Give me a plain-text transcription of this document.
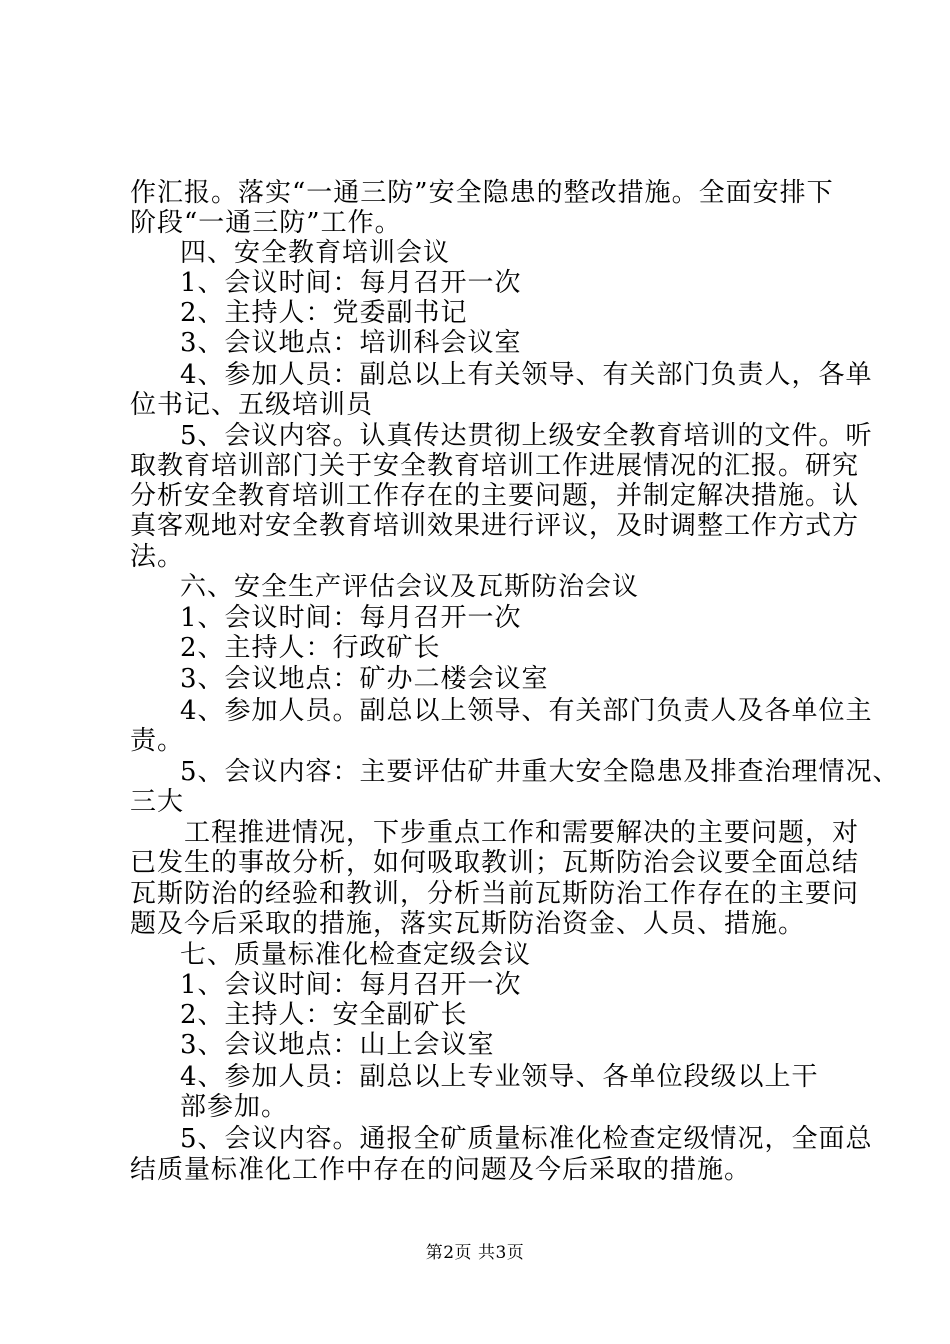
作汇报。落实“一通三防”安全隐患的整改措施。全面安排下
阶段“一通三防”工作。
四、安全教育培训会议
1、会议时间：每月召开一次
2、主持人：党委副书记
3、会议地点：培训科会议室
4、参加人员：副总以上有关领导、有关部门负责人，各单
位书记、五级培训员
5、会议内容。认真传达贯彻上级安全教育培训的文件。听
取教育培训部门关于安全教育培训工作进展情况的汇报。研究
分析安全教育培训工作存在的主要问题，并制定解决措施。认
真客观地对安全教育培训效果进行评议，及时调整工作方式方
法。
六、安全生产评估会议及瓦斯防治会议
1、会议时间：每月召开一次
2、主持人：行政矿长
3、会议地点：矿办二楼会议室
4、参加人员。副总以上领导、有关部门负责人及各单位主
责。
5、会议内容：主要评估矿井重大安全隐患及排查治理情况、
三大
工程推进情况，下步重点工作和需要解决的主要问题，对
已发生的事故分析，如何吸取教训；瓦斯防治会议要全面总结
瓦斯防治的经验和教训，分析当前瓦斯防治工作存在的主要问
题及今后采取的措施，落实瓦斯防治资金、人员、措施。
七、质量标准化检查定级会议
1、会议时间：每月召开一次
2、主持人：安全副矿长
3、会议地点：山上会议室
4、参加人员：副总以上专业领导、各单位段级以上干
部参加。
5、会议内容。通报全矿质量标准化检查定级情况，全面总
结质量标准化工作中存在的问题及今后采取的措施。
第2页 共3页
